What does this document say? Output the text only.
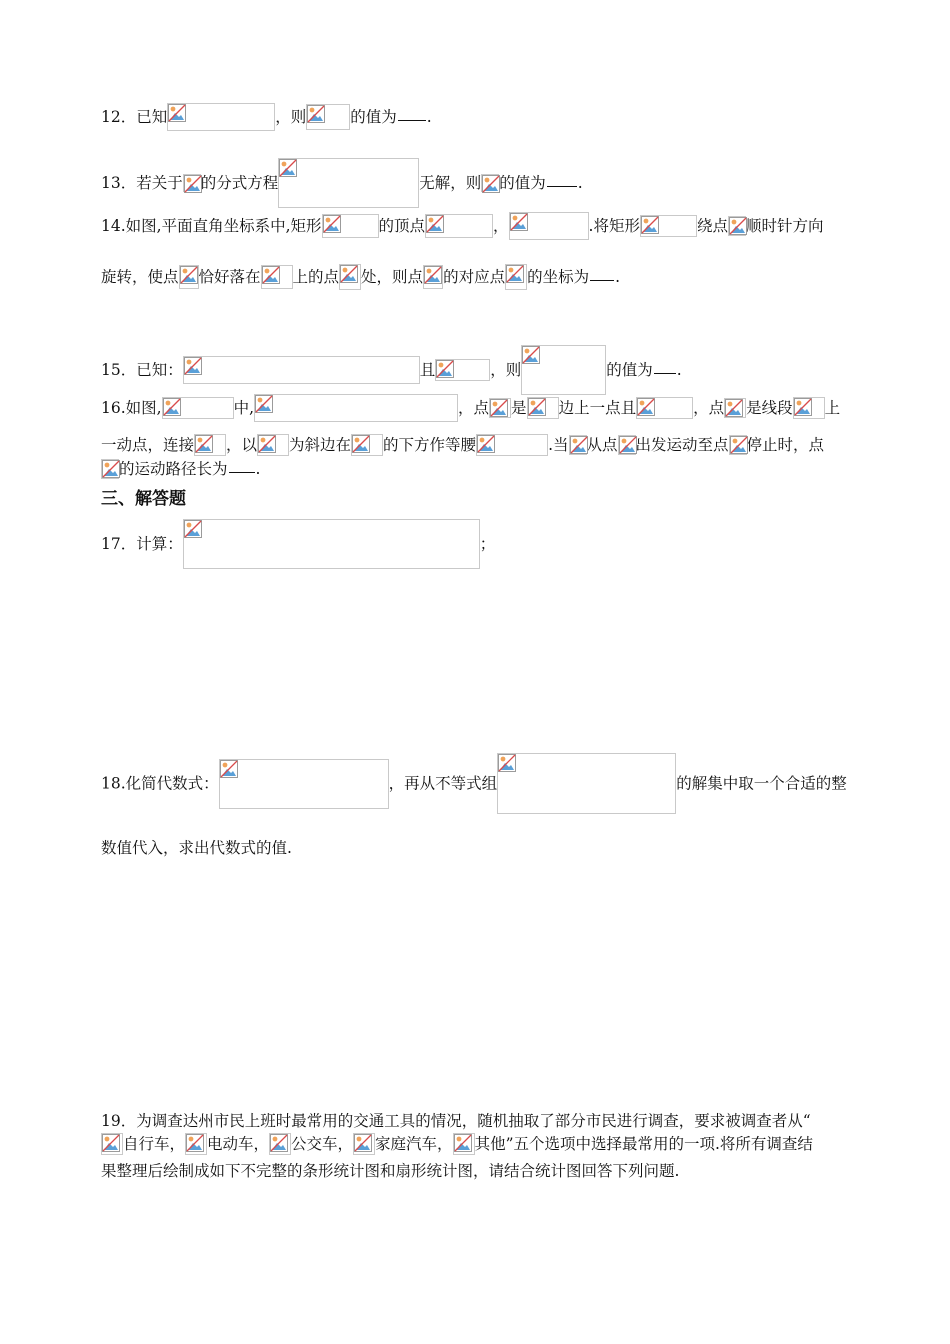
12．已知	，则	的值为 .
13．若关于 的分式方程	无解，则 的值为 .
14.如图,平面直角坐标系中,矩形	的顶点	，	.将矩形	绕点 顺时针方向
旋转，使点 恰好落在 上的点 处，则点 的对应点 的坐标为 .
15．已知：	且	，则	的值为 .
16.如图,	中,	，点 是 边上一点且	，点 是线段 上
一动点，连接 ，以 为斜边在 的下方作等腰	.当 从点 出发运动至点 停止时，点
的运动路径长为 .
三、解答题
17．计算：	；
18.化简代数式：	，再从不等式组	的解集中取一个合适的整
数值代入，求出代数式的值.
19．为调查达州市民上班时最常用的交通工具的情况，随机抽取了部分市民进行调查，要求被调查者从“
自行车， 电动车， 公交车， 家庭汽车， 其他”五个选项中选择最常用的一项.将所有调查结
果整理后绘制成如下不完整的条形统计图和扇形统计图，请结合统计图回答下列问题.
